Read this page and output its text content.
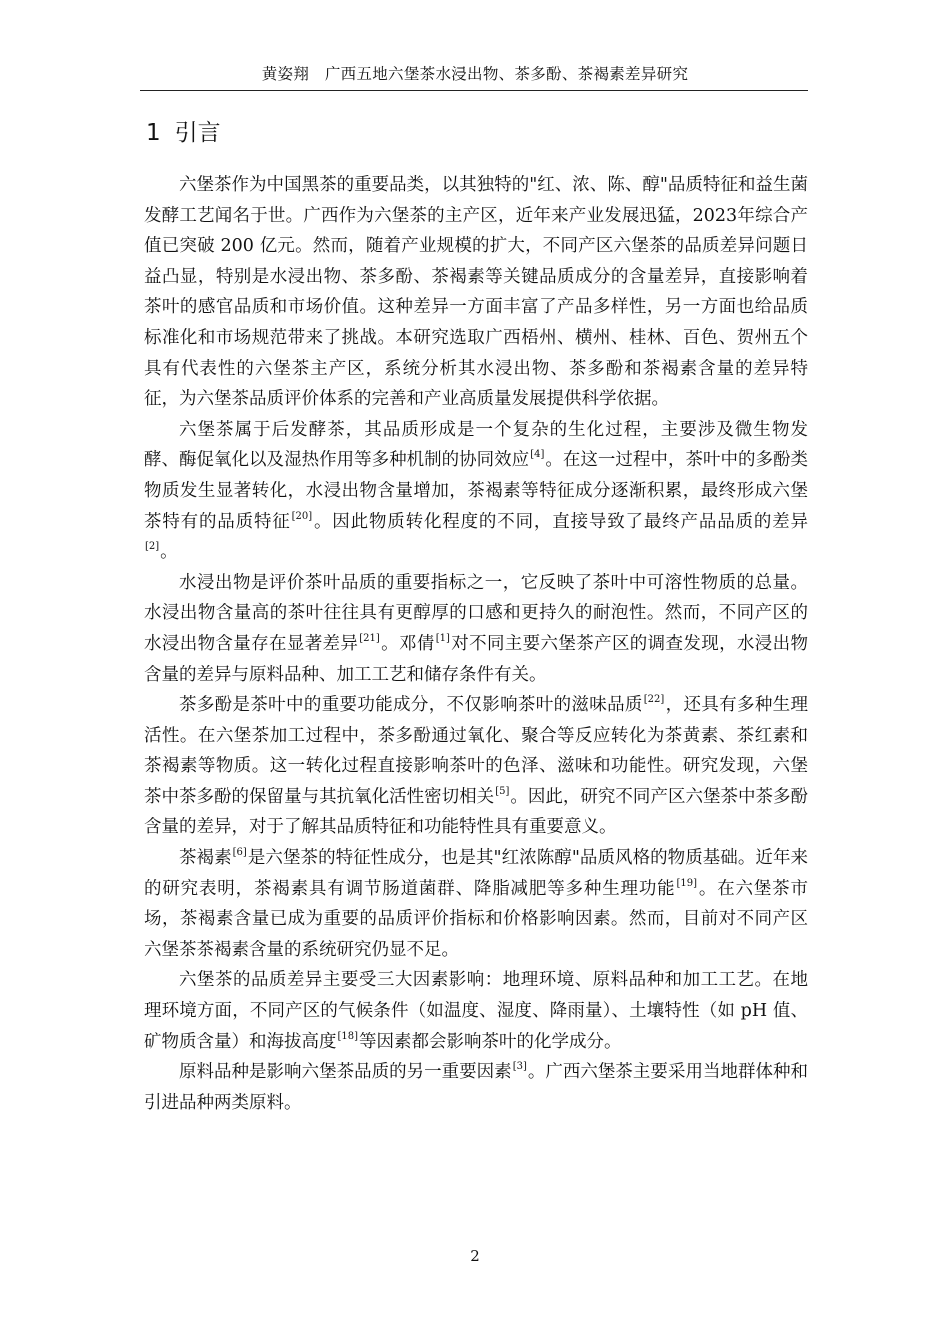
黄姿翔 广西五地六堡茶水浸出物、茶多酚、茶褐素差异研究
1 引言

六堡茶作为中国黑茶的重要品类，以其独特的"红、浓、陈、醇"品质特征和益生菌发酵工艺闻名于世。广西作为六堡茶的主产区，近年来产业发展迅猛，2023年综合产值已突破 200 亿元。然而，随着产业规模的扩大，不同产区六堡茶的品质差异问题日益凸显，特别是水浸出物、茶多酚、茶褐素等关键品质成分的含量差异，直接影响着茶叶的感官品质和市场价值。这种差异一方面丰富了产品多样性，另一方面也给品质标准化和市场规范带来了挑战。本研究选取广西梧州、横州、桂林、百色、贺州五个具有代表性的六堡茶主产区，系统分析其水浸出物、茶多酚和茶褐素含量的差异特征，为六堡茶品质评价体系的完善和产业高质量发展提供科学依据。

六堡茶属于后发酵茶，其品质形成是一个复杂的生化过程，主要涉及微生物发酵、酶促氧化以及湿热作用等多种机制的协同效应[4]。在这一过程中，茶叶中的多酚类物质发生显著转化，水浸出物含量增加，茶褐素等特征成分逐渐积累，最终形成六堡茶特有的品质特征[20]。因此物质转化程度的不同，直接导致了最终产品品质的差异[2]。

水浸出物是评价茶叶品质的重要指标之一，它反映了茶叶中可溶性物质的总量。水浸出物含量高的茶叶往往具有更醇厚的口感和更持久的耐泡性。然而，不同产区的水浸出物含量存在显著差异[21]。邓倩[1]对不同主要六堡茶产区的调查发现，水浸出物含量的差异与原料品种、加工工艺和储存条件有关。

茶多酚是茶叶中的重要功能成分，不仅影响茶叶的滋味品质[22]，还具有多种生理活性。在六堡茶加工过程中，茶多酚通过氧化、聚合等反应转化为茶黄素、茶红素和茶褐素等物质。这一转化过程直接影响茶叶的色泽、滋味和功能性。研究发现，六堡茶中茶多酚的保留量与其抗氧化活性密切相关[5]。因此，研究不同产区六堡茶中茶多酚含量的差异，对于了解其品质特征和功能特性具有重要意义。

茶褐素[6]是六堡茶的特征性成分，也是其"红浓陈醇"品质风格的物质基础。近年来的研究表明，茶褐素具有调节肠道菌群、降脂减肥等多种生理功能[19]。在六堡茶市场，茶褐素含量已成为重要的品质评价指标和价格影响因素。然而，目前对不同产区六堡茶茶褐素含量的系统研究仍显不足。

六堡茶的品质差异主要受三大因素影响：地理环境、原料品种和加工工艺。在地理环境方面，不同产区的气候条件（如温度、湿度、降雨量）、土壤特性（如 pH 值、矿物质含量）和海拔高度[18]等因素都会影响茶叶的化学成分。

原料品种是影响六堡茶品质的另一重要因素[3]。广西六堡茶主要采用当地群体种和引进品种两类原料。

2
